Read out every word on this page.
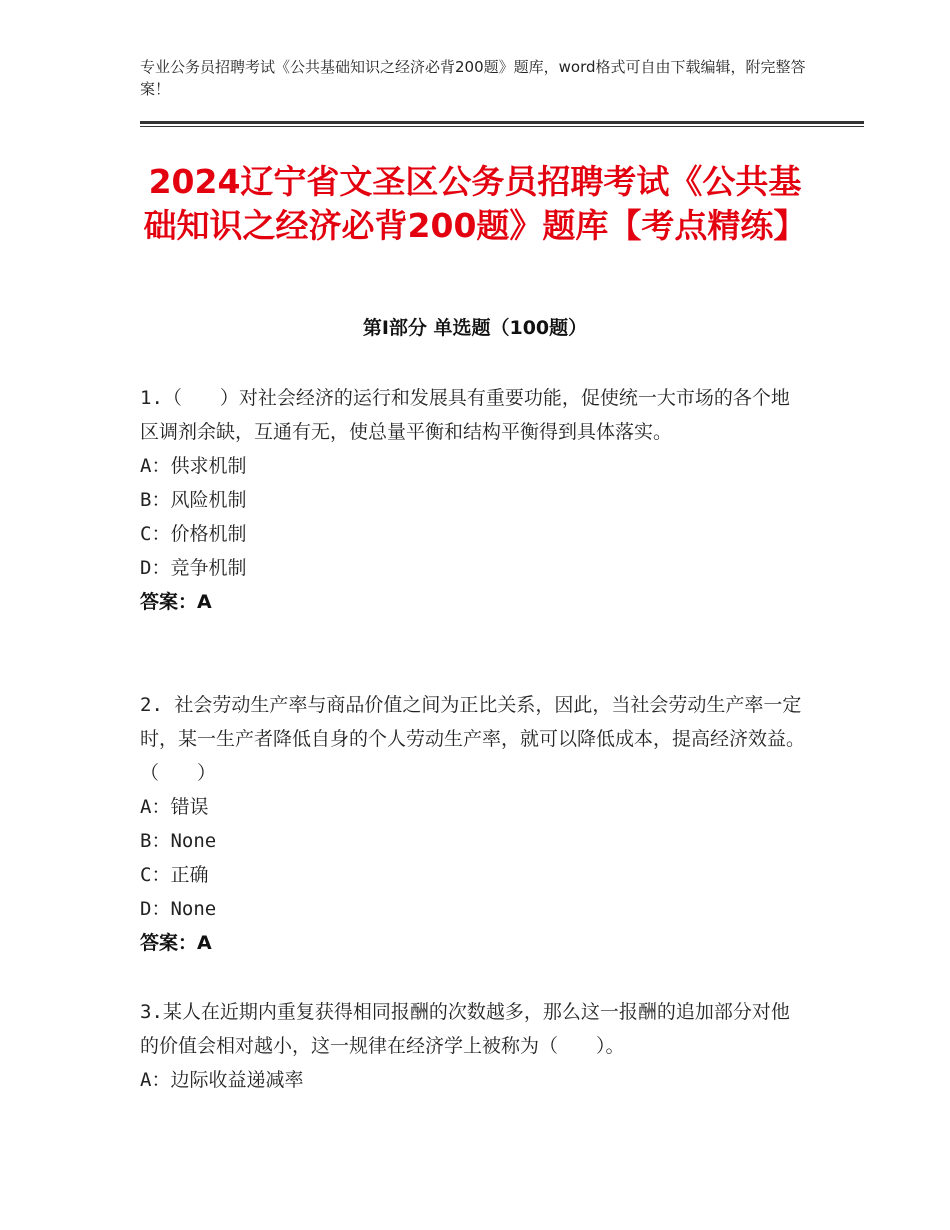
专业公务员招聘考试《公共基础知识之经济必背200题》题库，word格式可自由下载编辑，附完整答案！
2024辽宁省文圣区公务员招聘考试《公共基础知识之经济必背200题》题库【考点精练】
第Ⅰ部分 单选题（100题）

1.（　　）对社会经济的运行和发展具有重要功能，促使统一大市场的各个地区调剂余缺，互通有无，使总量平衡和结构平衡得到具体落实。

A：供求机制

B：风险机制

C：价格机制

D：竞争机制

答案：A

2. 社会劳动生产率与商品价值之间为正比关系，因此，当社会劳动生产率一定时，某一生产者降低自身的个人劳动生产率，就可以降低成本，提高经济效益。（　　）

A：错误

B：None

C：正确

D：None

答案：A

3.某人在近期内重复获得相同报酬的次数越多，那么这一报酬的追加部分对他的价值会相对越小，这一规律在经济学上被称为（　　）。

A：边际收益递减率
